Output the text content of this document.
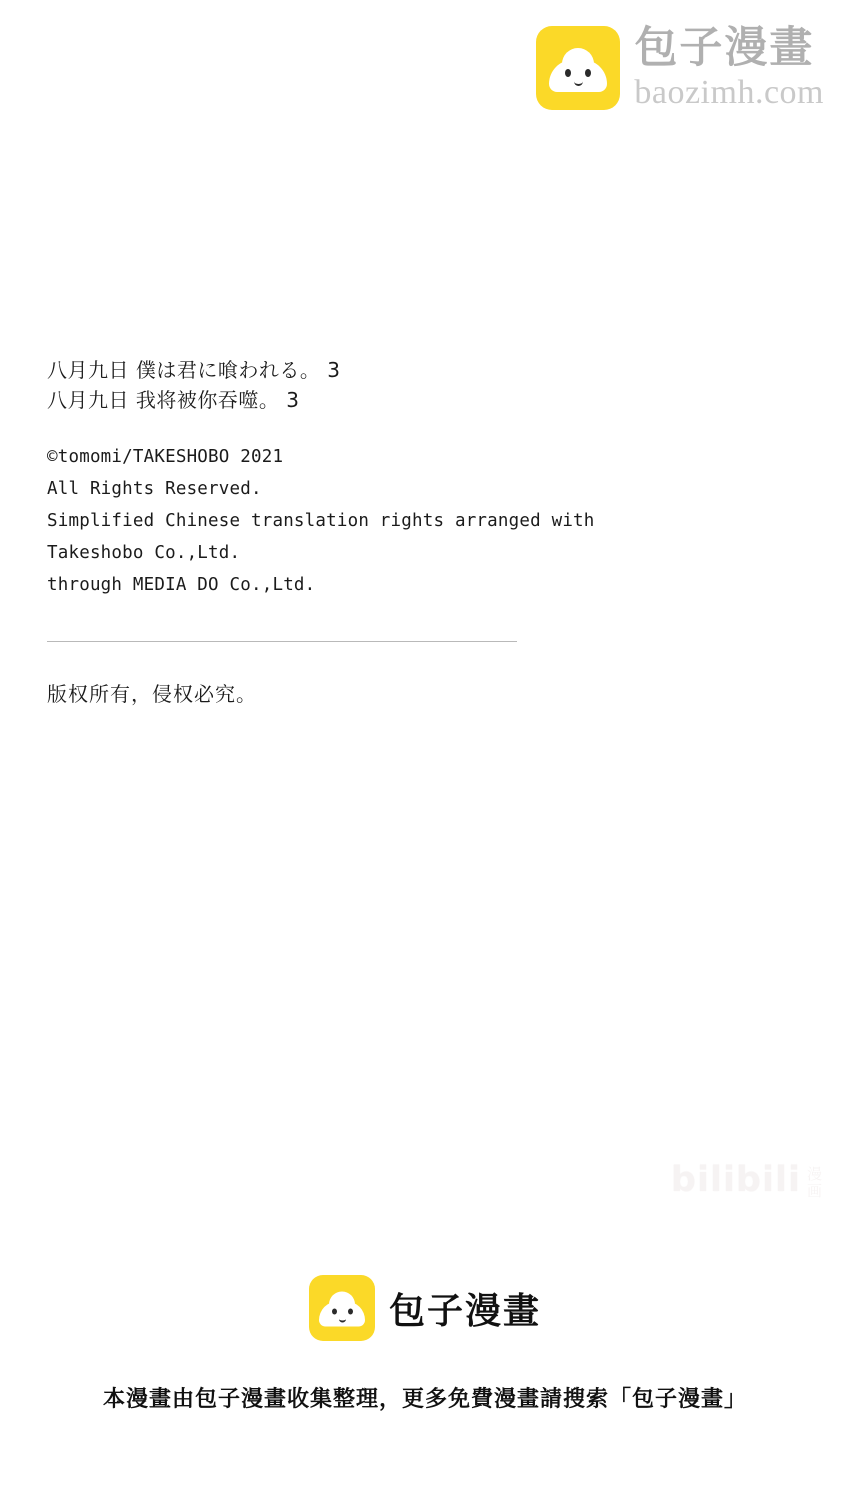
包子漫畫
baozimh.com
八月九日 僕は君に喰われる。 3
八月九日 我将被你吞噬。 3
©tomomi/TAKESHOBO 2021
All Rights Reserved.
Simplified Chinese translation rights arranged with
Takeshobo Co.,Ltd.
through MEDIA DO Co.,Ltd.
版权所有，侵权必究。
bilibili 漫
画
包子漫畫
本漫畫由包子漫畫收集整理，更多免費漫畫請搜索「包子漫畫」
